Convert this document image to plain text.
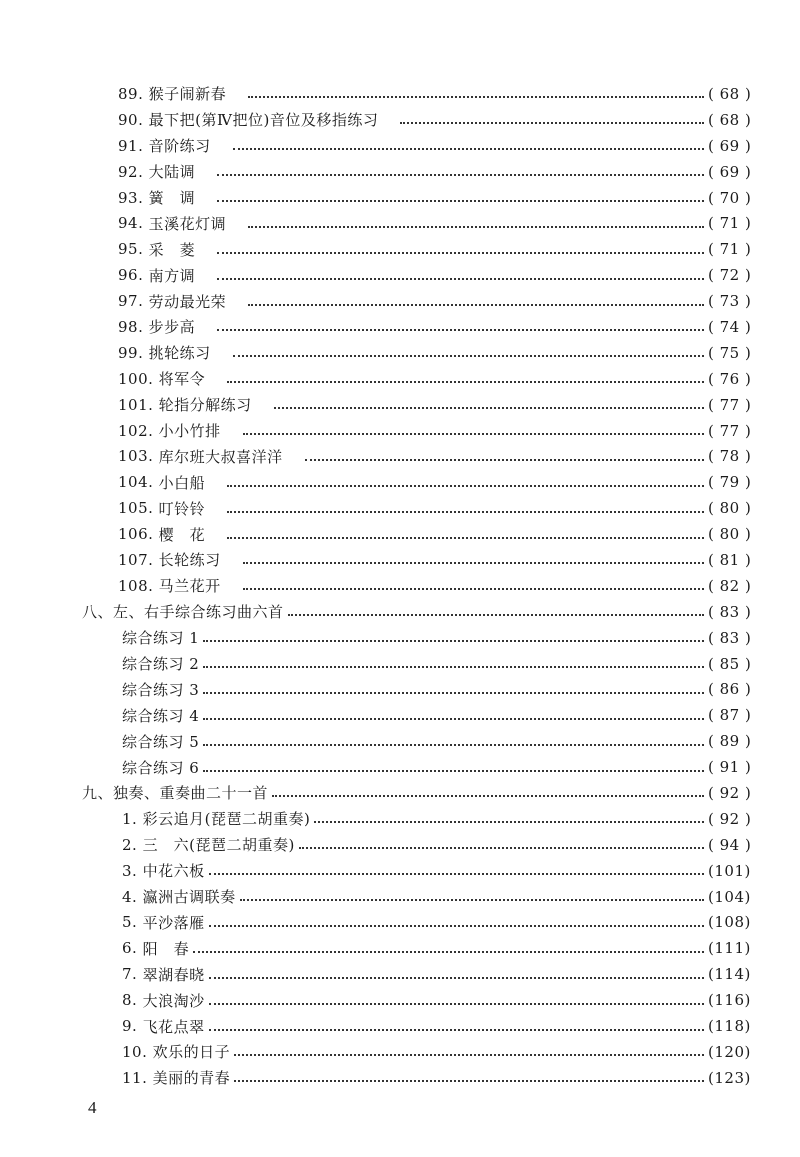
89. 猴子闹新春	( 68 )
90. 最下把(第Ⅳ把位)音位及移指练习	( 68 )
91. 音阶练习	( 69 )
92. 大陆调	( 69 )
93. 簧　调	( 70 )
94. 玉溪花灯调	( 71 )
95. 采　菱	( 71 )
96. 南方调	( 72 )
97. 劳动最光荣	( 73 )
98. 步步高	( 74 )
99. 挑轮练习	( 75 )
100. 将军令	( 76 )
101. 轮指分解练习	( 77 )
102. 小小竹排	( 77 )
103. 库尔班大叔喜洋洋	( 78 )
104. 小白船	( 79 )
105. 叮铃铃	( 80 )
106. 樱　花	( 80 )
107. 长轮练习	( 81 )
108. 马兰花开	( 82 )
八、左、右手综合练习曲六首	( 83 )
综合练习 1	( 83 )
综合练习 2	( 85 )
综合练习 3	( 86 )
综合练习 4	( 87 )
综合练习 5	( 89 )
综合练习 6	( 91 )
九、独奏、重奏曲二十一首	( 92 )
1. 彩云追月(琵琶二胡重奏)	( 92 )
2. 三　六(琵琶二胡重奏)	( 94 )
3. 中花六板	(101)
4. 瀛洲古调联奏	(104)
5. 平沙落雁	(108)
6. 阳　春	(111)
7. 翠湖春晓	(114)
8. 大浪淘沙	(116)
9. 飞花点翠	(118)
10. 欢乐的日子	(120)
11. 美丽的青春	(123)
4
